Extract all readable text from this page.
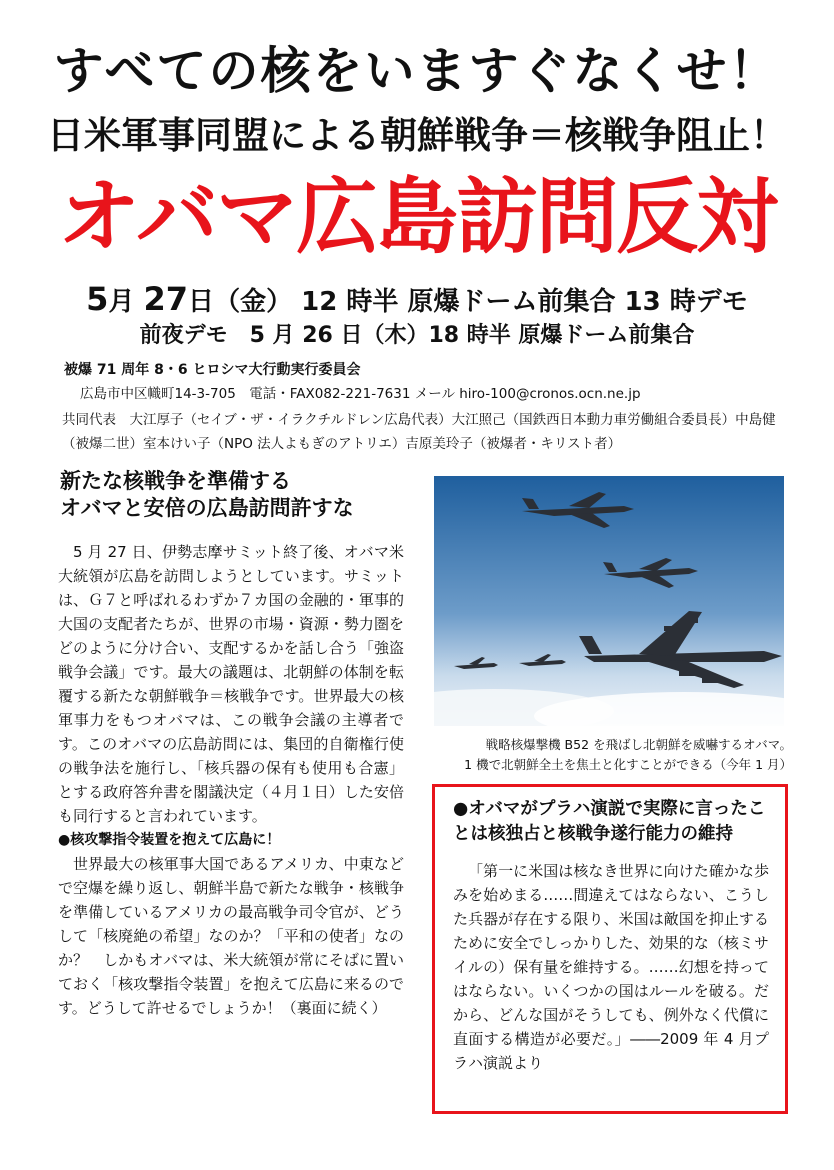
すべての核をいますぐなくせ！
日米軍事同盟による朝鮮戦争＝核戦争阻止！
オバマ広島訪問反対
5月 27日（金） 12 時半 原爆ドーム前集合 13 時デモ
前夜デモ　5 月 26 日（木）18 時半 原爆ドーム前集合
被爆 71 周年 8・6 ヒロシマ大行動実行委員会
広島市中区幟町14-3-705　電話・FAX082-221-7631 メール hiro-100@cronos.ocn.ne.jp
共同代表　大江厚子（セイブ・ザ・イラクチルドレン広島代表）大江照己（国鉄西日本動力車労働組合委員長）中島健（被爆二世）室本けい子（NPO 法人よもぎのアトリエ）吉原美玲子（被爆者・キリスト者）
新たな核戦争を準備する
オバマと安倍の広島訪問許すな

5 月 27 日、伊勢志摩サミット終了後、オバマ米大統領が広島を訪問しようとしています。サミットは、Ｇ７と呼ばれるわずか７カ国の金融的・軍事的大国の支配者たちが、世界の市場・資源・勢力圏をどのように分け合い、支配するかを話し合う「強盗戦争会議」です。最大の議題は、北朝鮮の体制を転覆する新たな朝鮮戦争＝核戦争です。世界最大の核軍事力をもつオバマは、この戦争会議の主導者です。このオバマの広島訪問には、集団的自衛権行使の戦争法を施行し、「核兵器の保有も使用も合憲」とする政府答弁書を閣議決定（４月１日）した安倍も同行すると言われています。

●核攻撃指令装置を抱えて広島に！

世界最大の核軍事大国であるアメリカ、中東などで空爆を繰り返し、朝鮮半島で新たな戦争・核戦争を準備しているアメリカの最高戦争司令官が、どうして「核廃絶の希望」なのか？「平和の使者」なのか？　しかもオバマは、米大統領が常にそばに置いておく「核攻撃指令装置」を抱えて広島に来るのです。どうして許せるでしょうか！（裏面に続く）

戦略核爆撃機 B52 を飛ばし北朝鮮を威嚇するオバマ。
1 機で北朝鮮全土を焦土と化すことができる（今年 1 月）

●オバマがプラハ演説で実際に言ったことは核独占と核戦争遂行能力の維持

「第一に米国は核なき世界に向けた確かな歩みを始めまる……間違えてはならない、こうした兵器が存在する限り、米国は敵国を抑止するために安全でしっかりした、効果的な（核ミサイルの）保有量を維持する。……幻想を持ってはならない。いくつかの国はルールを破る。だから、どんな国がそうしても、例外なく代償に直面する構造が必要だ。」――2009 年 4 月プラハ演説より
